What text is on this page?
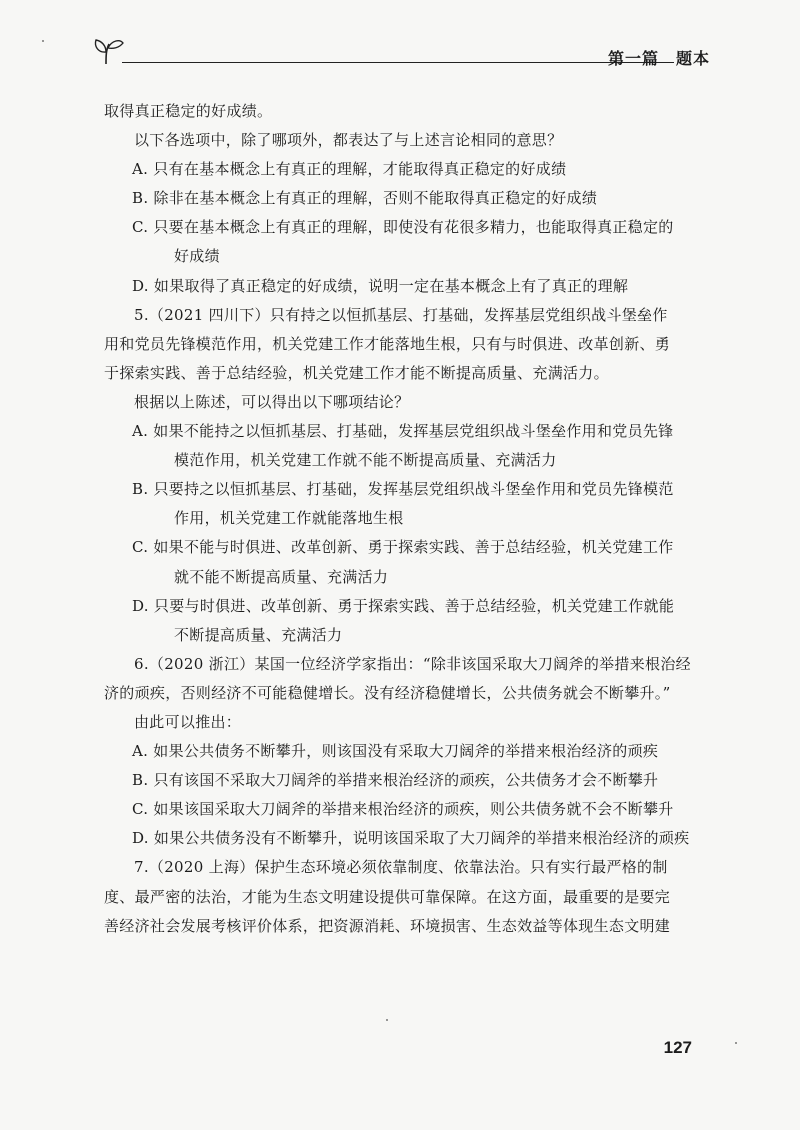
第一篇　题本

取得真正稳定的好成绩。

以下各选项中，除了哪项外，都表达了与上述言论相同的意思？

A. 只有在基本概念上有真正的理解，才能取得真正稳定的好成绩

B. 除非在基本概念上有真正的理解，否则不能取得真正稳定的好成绩

C. 只要在基本概念上有真正的理解，即使没有花很多精力，也能取得真正稳定的
好成绩

D. 如果取得了真正稳定的好成绩，说明一定在基本概念上有了真正的理解

5.（2021 四川下）只有持之以恒抓基层、打基础，发挥基层党组织战斗堡垒作

用和党员先锋模范作用，机关党建工作才能落地生根，只有与时俱进、改革创新、勇

于探索实践、善于总结经验，机关党建工作才能不断提高质量、充满活力。

根据以上陈述，可以得出以下哪项结论？

A. 如果不能持之以恒抓基层、打基础，发挥基层党组织战斗堡垒作用和党员先锋
模范作用，机关党建工作就不能不断提高质量、充满活力

B. 只要持之以恒抓基层、打基础，发挥基层党组织战斗堡垒作用和党员先锋模范
作用，机关党建工作就能落地生根

C. 如果不能与时俱进、改革创新、勇于探索实践、善于总结经验，机关党建工作
就不能不断提高质量、充满活力

D. 只要与时俱进、改革创新、勇于探索实践、善于总结经验，机关党建工作就能
不断提高质量、充满活力

6.（2020 浙江）某国一位经济学家指出：“除非该国采取大刀阔斧的举措来根治经

济的顽疾，否则经济不可能稳健增长。没有经济稳健增长，公共债务就会不断攀升。”

由此可以推出：

A. 如果公共债务不断攀升，则该国没有采取大刀阔斧的举措来根治经济的顽疾

B. 只有该国不采取大刀阔斧的举措来根治经济的顽疾，公共债务才会不断攀升

C. 如果该国采取大刀阔斧的举措来根治经济的顽疾，则公共债务就不会不断攀升

D. 如果公共债务没有不断攀升，说明该国采取了大刀阔斧的举措来根治经济的顽疾

7.（2020 上海）保护生态环境必须依靠制度、依靠法治。只有实行最严格的制

度、最严密的法治，才能为生态文明建设提供可靠保障。在这方面，最重要的是要完

善经济社会发展考核评价体系，把资源消耗、环境损害、生态效益等体现生态文明建

127
